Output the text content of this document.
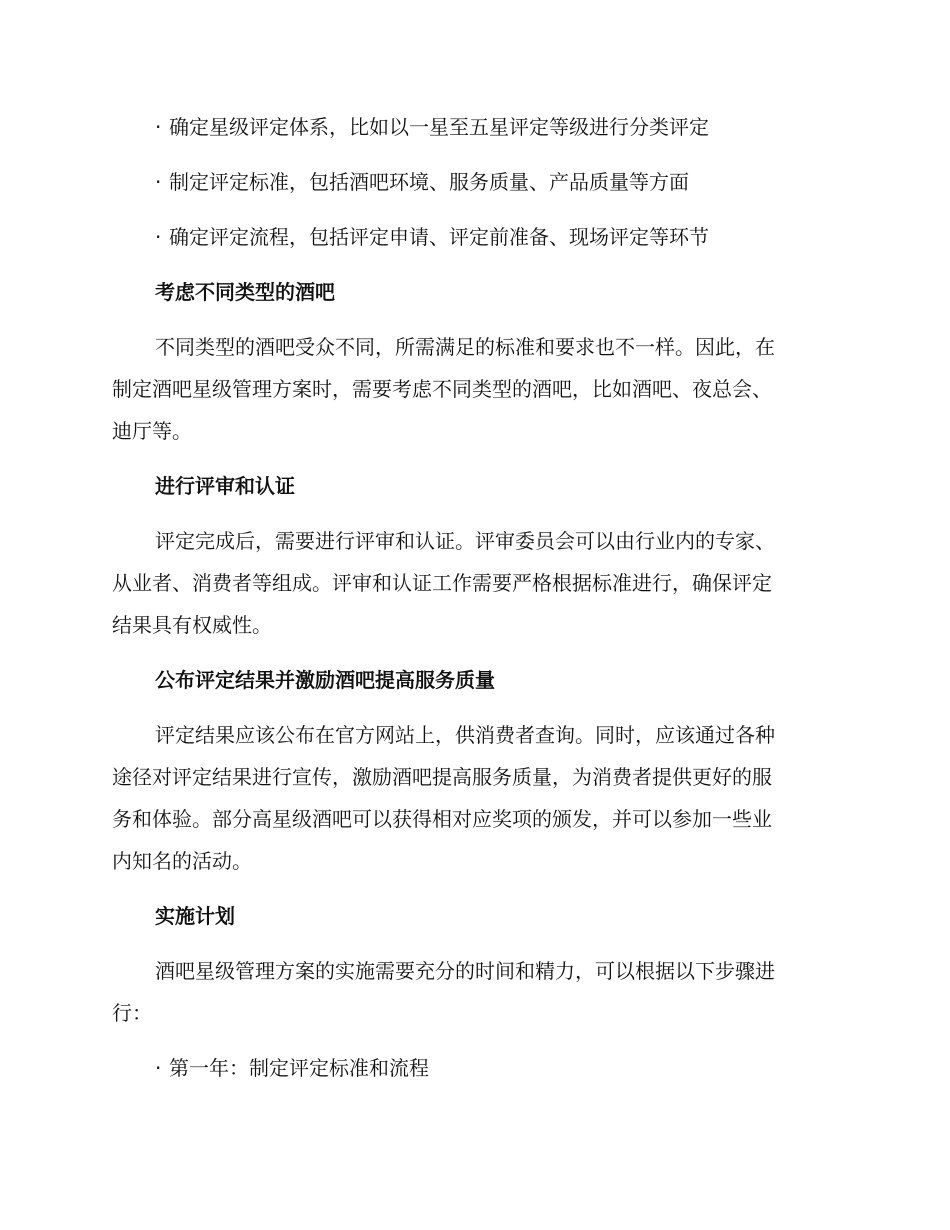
· 确定星级评定体系，比如以一星至五星评定等级进行分类评定
· 制定评定标准，包括酒吧环境、服务质量、产品质量等方面
· 确定评定流程，包括评定申请、评定前准备、现场评定等环节
考虑不同类型的酒吧
不同类型的酒吧受众不同，所需满足的标准和要求也不一样。因此，在
制定酒吧星级管理方案时，需要考虑不同类型的酒吧，比如酒吧、夜总会、
迪厅等。
进行评审和认证
评定完成后，需要进行评审和认证。评审委员会可以由行业内的专家、
从业者、消费者等组成。评审和认证工作需要严格根据标准进行，确保评定
结果具有权威性。
公布评定结果并激励酒吧提高服务质量
评定结果应该公布在官方网站上，供消费者查询。同时，应该通过各种
途径对评定结果进行宣传，激励酒吧提高服务质量，为消费者提供更好的服
务和体验。部分高星级酒吧可以获得相对应奖项的颁发，并可以参加一些业
内知名的活动。
实施计划
酒吧星级管理方案的实施需要充分的时间和精力，可以根据以下步骤进
行：
· 第一年：制定评定标准和流程
